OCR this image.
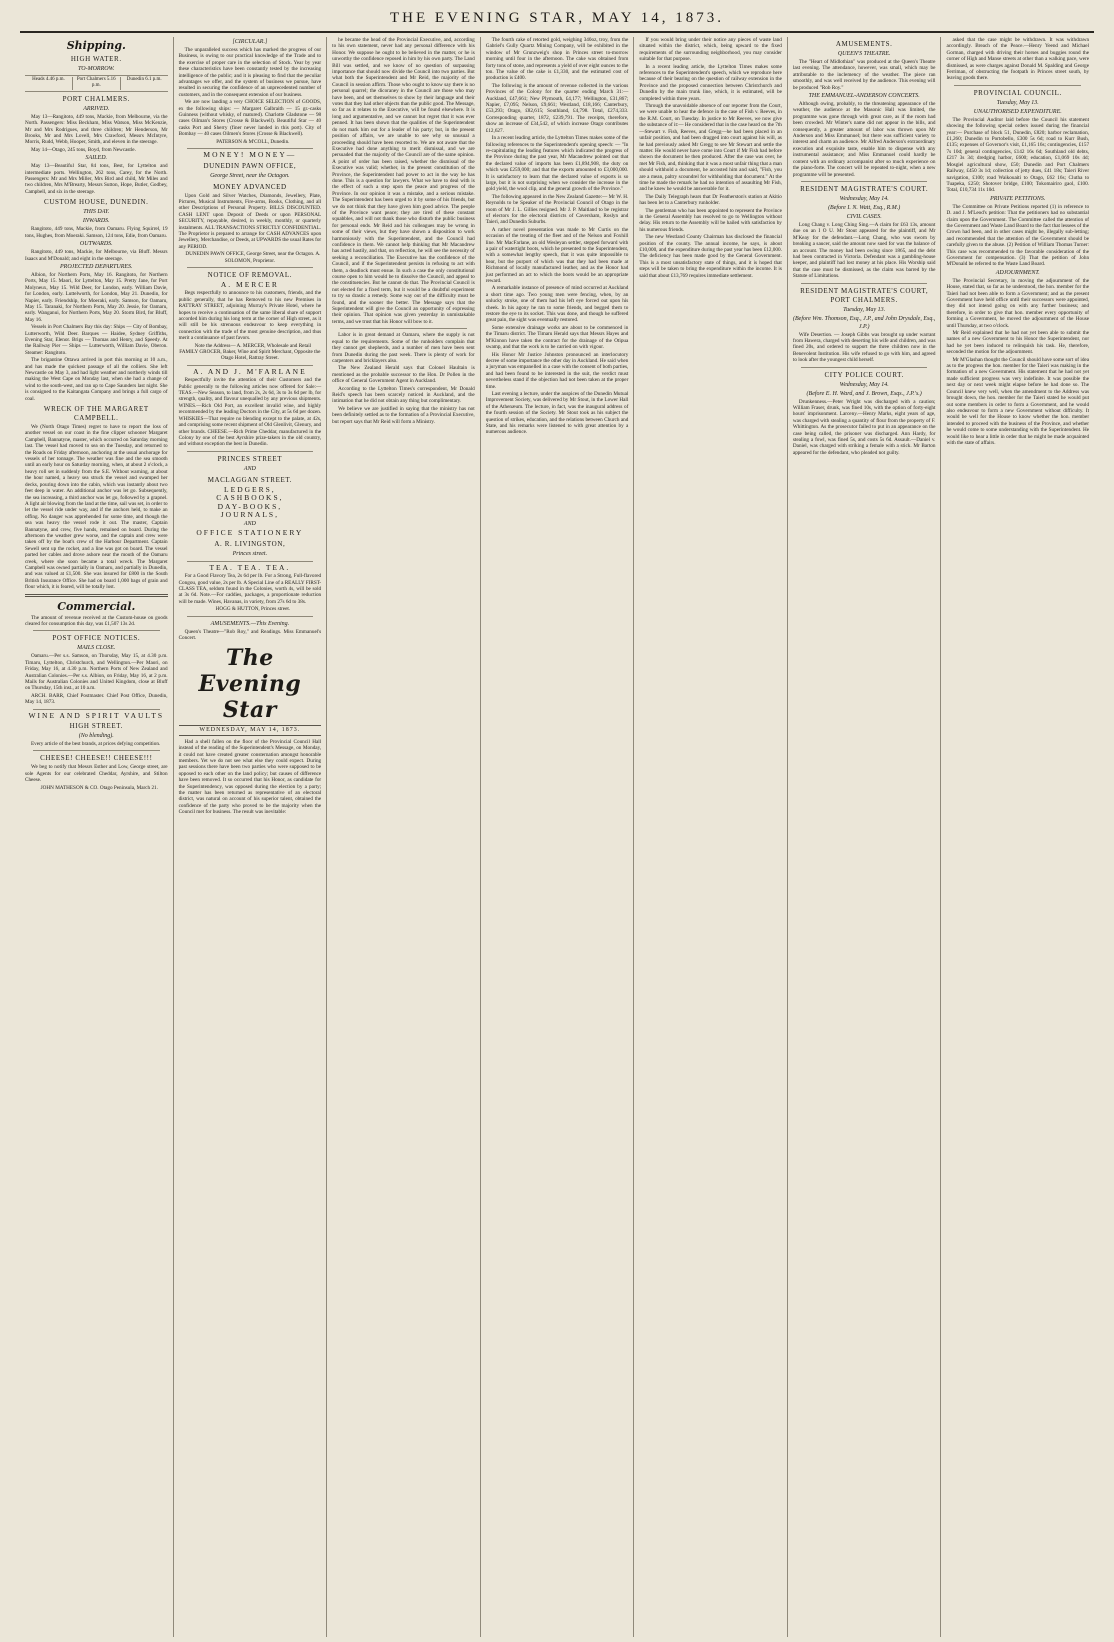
THE EVENING STAR, MAY 14, 1873.
Shipping.
HIGH WATER.
TO-MORROW.
Heads 4.46 p.m.	Port Chalmers 5.16 p.m.
Dunedin 6.1 p.m.
PORT CHALMERS.
ARRIVED.

May 13—Rangitoto, 449 tons, Mackie, from Melbourne, via the North. Passengers: Miss Beckham, Miss Watson, Miss McKenzie, Mr and Mrs Rodrigues, and three children; Mr Henderson, Mr Brooks, Mr and Mrs Lovell, Mrs Crawford, Messrs McIntyre, Morris, Rudd, Webb, Hooper, Smith, and eleven in the steerage.

May 14—Otago, 245 tons, Boyd, from Newcastle.

SAILED.

May 13—Beautiful Star, 84 tons, Best, for Lyttelton and intermediate ports. Wellington, 262 tons, Carey, for the North. Passengers: Mr and Mrs Miller, Mrs Bird and child, Mr Miles and two children, Mrs M'Brearty, Messrs Sutton, Hope, Butler, Godbey, Campbell, and six in the steerage.

CUSTOM HOUSE, DUNEDIN.
THIS DAY.
INWARDS.

Rangitoto, 449 tons, Mackie, from Oamaru. Flying Squirrel, 19 tons, Hughes, from Moeraki. Samson, 124 tons, Edie, from Oamaru.

OUTWARDS.

Rangitoto, 449 tons, Mackie, for Melbourne, via Bluff. Messrs Isaacs and M'Donald; and eight in the steerage.

PROJECTED DEPARTURES.

Albion, for Northern Ports, May 16. Rangitoto, for Northern Ports, May 15. Maori, for Lyttelton, May 15. Pretty Jane, for Port Molyneux, May 15. Wild Deer, for London, early. William Davie, for London, early. Luttelworth, for London, May 21. Dunedin, for Napier, early. Friendship, for Moeraki, early. Samson, for Oamaru, May 15. Taranaki, for Northern Ports, May 20. Jessie, for Oamaru, early. Wanganui, for Northern Ports, May 20. Storm Bird, for Bluff, May 16.

Vessels in Port Chalmers Bay this day: Ships — City of Bombay, Lutterworth, Wild Deer. Barques — Haidee, Sydney Griffiths, Evening Star, Elenor. Brigs — Thomas and Henry, and Speedy. At the Railway Pier — Ships — Lutterworth, William Davie, Oberon. Steamer: Rangitoto.

The brigantine Ottawa arrived in port this morning at 10 a.m., and has made the quickest passage of all the colliers. She left Newcastle on May 3, and had light weather and northerly winds till making the West Cape on Monday last, when she had a change of wind to the south-west, and ran up to Cape Saunders last night. She is consigned to the Kaitangata Company and brings a full cargo of coal.

WRECK OF THE MARGARET CAMPBELL.

We (North Otago Times) regret to have to report the loss of another vessel on our coast in the fine clipper schooner Margaret Campbell, Bannatyne, master, which occurred on Saturday morning last. The vessel had moved to sea on the Tuesday, and returned to the Roads on Friday afternoon, anchoring at the usual anchorage for vessels of her tonnage. The weather was fine and the sea smooth until an early hour on Saturday morning, when, at about 2 o'clock, a heavy roll set in suddenly from the S.E. Without warning, at about the hour named, a heavy sea struck the vessel and swamped her decks, pouring down into the cabin, which was instantly about two feet deep in water. An additional anchor was let go. Subsequently, the sea increasing, a third anchor was let go, followed by a grapnel. A light air blowing from the land at the time, sail was set, in order to let the vessel ride under way, and if the anchors held, to make an offing. No danger was apprehended for some time, and though the sea was heavy the vessel rode it out. The master, Captain Bannatyne, and crew, five hands, remained on board. During the afternoon the weather grew worse, and the captain and crew were taken off by the boat's crew of the Harbour Department. Captain Sewell sent up the rocket, and a line was got on board. The vessel parted her cables and drove ashore near the mouth of the Oamaru creek, where she soon became a total wreck. The Margaret Campbell was owned partially in Oamaru, and partially in Dunedin, and was valued at £1,500. She was insured for £800 in the South British Insurance Office. She had on board 1,000 bags of grain and flour which, it is feared, will be totally lost.

Commercial.

The amount of revenue received at the Custom-house on goods cleared for consumption this day, was £1,507 13s 2d.

POST OFFICE NOTICES.
MAILS CLOSE.

Oamaru.—Per s.s. Samson, on Thursday, May 15, at 4.30 p.m. Timaru, Lyttelton, Christchurch, and Wellington.—Per Maori, on Friday, May 16, at 4.30 p.m. Northern Ports of New Zealand and Australian Colonies.—Per s.s. Albion, on Friday, May 16, at 2 p.m. Mails for Australian Colonies and United Kingdom, close at Bluff on Thursday, 15th inst., at 10 a.m.

ARCH. BARR, Chief Postmaster. Chief Post Office, Dunedin, May 14, 1873.

WINE AND SPIRIT VAULTS
HIGH STREET.
(No blending).

Every article of the best brands, at prices defying competition.

CHEESE! CHEESE!! CHEESE!!!

We beg to notify that Messrs Esther and Low, George street, are sole Agents for our celebrated Cheddar, Ayrshire, and Stilton Cheese.

JOHN MATHESON & CO. Otago Peninsula, March 21.

[CIRCULAR.]

The unparalleled success which has marked the progress of our Business, is owing to our practical knowledge of the Trade and to the exercise of proper care in the selection of Stock. Year by year these characteristics have been constantly tested by the increasing intelligence of the public; and it is pleasing to find that the peculiar advantages we offer, and the system of business we pursue, have resulted in securing the confidence of an unprecedented number of customers, and in the consequent extension of our business.

We are now landing a very CHOICE SELECTION of GOODS, ex the following ships: — Margaret Galbraith — 15 gr.-casks Guinness (without whisky, of matured). Charlotte Gladstone — 98 cases Oilman's Stores (Crosse & Blackwell). Beautiful Star — 40 casks Port and Sherry (finer never landed in this port). City of Bombay — 40 cases Oilmen's Stores (Crosse & Blackwell).

PATERSON & M'COLL, Dunedin.

MONEY! MONEY—
DUNEDIN PAWN OFFICE,
George Street, near the Octagon.
MONEY ADVANCED

Upon Gold and Silver Watches, Diamonds, Jewellery, Plate, Pictures, Musical Instruments, Fire-arms, Books, Clothing, and all other Descriptions of Personal Property. BILLS DISCOUNTED. CASH LENT upon Deposit of Deeds or upon PERSONAL SECURITY, repayable, desired, in weekly, monthly, or quarterly instalments. ALL TRANSACTIONS STRICTLY CONFIDENTIAL. The Proprietor is prepared to arrange for CASH ADVANCES upon Jewellery, Merchandise, or Deeds, at UPWARDS the usual Rates for any PERIOD.

DUNEDIN PAWN OFFICE, George Street, near the Octagon. A. SOLOMON, Proprietor.

NOTICE OF REMOVAL.
A. MERCER

Begs respectfully to announce to his customers, friends, and the public generally, that he has Removed to his new Premises in RATTRAY STREET, adjoining Murray's Private Hotel, where he hopes to receive a continuation of the same liberal share of support accorded him during his long term at the corner of High street, as it will still be his strenuous endeavour to keep everything in connection with the trade of the most genuine description, and thus merit a continuance of past favors.

Note the Address— A. MERCER, Wholesale and Retail FAMILY GROCER, Baker, Wine and Spirit Merchant, Opposite the Otago Hotel, Rattray Street.

A. AND J. M'FARLANE

Respectfully invite the attention of their Customers and the Public generally to the following articles now offered for Sale:— TEAS.—New Season, to land, from 2s, 2s 6d, 3s to 3s 6d per lb, for strength, quality, and flavour unequalled by any previous shipments. WINES.—Rich Old Port, an excellent invalid wine, and highly recommended by the leading Doctors in the City, at 5s 6d per dozen. WHISKIES—That require no blending except to the palate, at 42s, and comprising some recent shipment of Old Glenlivit, Glenury, and other brands. CHEESE.—Rich Prime Cheddar, manufactured in the Colony by one of the best Ayrshire prize-takers in the old country, and without exception the best in Dunedin.

PRINCES STREET
AND
MACLAGGAN STREET.
LEDGERS,
CASHBOOKS,
DAY-BOOKS,
JOURNALS,
AND
OFFICE STATIONERY
A. R. LIVINGSTON,
Princes street.
TEA. TEA. TEA.

For a Good Flavory Tea, 2s 6d per lb. For a Strong, Full-flavored Congou, good value, 2s per lb. A Special Line of a REALLY FIRST-CLASS TEA, seldom found in the Colonies, worth 4s, will be sold at 3s 6d. Note.—For caddies, packages, a proportionate reduction will be made. Wines, Havanas, in variety, from 27s 6d to 38s.

HOGG & HUTTON, Princes street.

AMUSEMENTS.—This Evening.

Queen's Theatre—"Rob Roy," and Readings. Miss Emmanuel's Concert.

The Evening Star
WEDNESDAY, MAY 14, 1873.

Had a shell fallen on the floor of the Provincial Council Hall instead of the reading of the Superintendent's Message, on Monday, it could not have created greater consternation amongst honorable members. Yet we do not see what else they could expect. During past sessions there have been two parties who were supposed to be opposed to each other on the land policy; but causes of difference have been removed. It so occurred that his Honor, as candidate for the Superintendency, was opposed during the election by a party; the matter has been returned as representative of an electoral district, was natural on account of his superior talent, obtained the confidence of the party who proved to be the majority when the Council met for business. The result was inevitable:

he became the head of the Provincial Executive, and, according to his own statement, never had any personal difference with his Honor. We suppose he ought to be believed in the matter, or he is unworthy the confidence reposed in him by his own party. The Land Bill was settled, and we know of no question of surpassing importance that should now divide the Council into two parties. But what both the Superintendent and Mr Reid, the majority of the Council in session affirm. Those who ought to know say there is no personal quarrel; the dicoraney in the Council are those who may have been, and set themselves to show by their language and their votes that they had other objects than the public good. The Message, so far as it relates to the Executive, will be found elsewhere. It is long and argumentative, and we cannot but regret that it was ever penned. It has been shown that the qualities of the Superintendent do not mark him out for a leader of his party; but, in the present position of affairs, we are unable to see why so unusual a proceeding should have been resorted to. We are not aware that the Executive had done anything to merit dismissal, and we are persuaded that the majority of the Council are of the same opinion. A point of order has been raised, whether the dismissal of the Executive was valid; whether, in the present constitution of the Province, the Superintendent had power to act in the way he has done. This is a question for lawyers. What we have to deal with is the effect of such a step upon the peace and progress of the Province. In our opinion it was a mistake, and a serious mistake. The Superintendent has been urged to it by some of his friends, but we do not think that they have given him good advice. The people of the Province want peace; they are tired of these constant squabbles, and will not thank those who disturb the public business for personal ends. Mr Reid and his colleagues may be wrong in some of their views, but they have shown a disposition to work harmoniously with the Superintendent, and the Council had confidence in them. We cannot help thinking that Mr Macandrew has acted hastily, and that, on reflection, he will see the necessity of seeking a reconciliation. The Executive has the confidence of the Council, and if the Superintendent persists in refusing to act with them, a deadlock must ensue. In such a case the only constitutional course open to him would be to dissolve the Council, and appeal to the constituencies. But he cannot do that. The Provincial Council is not elected for a fixed term, but it would be a doubtful experiment to try so drastic a remedy. Some way out of the difficulty must be found, and the sooner the better. The Message says that the Superintendent will give the Council an opportunity of expressing their opinion. That opinion was given yesterday in unmistakable terms, and we trust that his Honor will bow to it.

Labor is in great demand at Oamaru, where the supply is not equal to the requirements. Some of the runholders complain that they cannot get shepherds, and a number of men have been sent from Dunedin during the past week. There is plenty of work for carpenters and bricklayers also.

The New Zealand Herald says that Colonel Haultain is mentioned as the probable successor to the Hon. Dr Pollen in the office of General Government Agent in Auckland.

According to the Lyttelton Times's correspondent, Mr Donald Reid's speech has been scarcely noticed in Auckland, and the intimation that he did not obtain any thing but complimentary.

We believe we are justified in saying that the ministry has not been definitely settled as to the formation of a Provincial Executive, but report says that Mr Reid will form a Ministry.

The fourth cake of retorted gold, weighing 340oz, troy, from the Gabriel's Gully Quartz Mining Company, will be exhibited in the window of Mr Grunzweig's shop in Princes street to-morrow morning until four in the afternoon. The cake was obtained from forty tons of stone, and represents a yield of over eight ounces to the ton. The value of the cake is £1,330, and the estimated cost of production is £400.

The following is the amount of revenue collected in the various Provinces of the Colony for the quarter ending March 31:— Auckland, £47,661; New Plymouth, £4,177; Wellington, £31,867; Napier, £7,095; Nelson, £9,661; Westland, £18,166; Canterbury, £53,293; Otago, £82,615; Southland, £4,798. Total, £274,333. Corresponding quarter, 1872, £239,791. The receipts, therefore, show an increase of £34,542, of which increase Otago contributes £12,627.

In a recent leading article, the Lyttelton Times makes some of the following references to the Superintendent's opening speech: — "In re-capitulating the leading features which indicated the progress of the Province during the past year, Mr Macandrew pointed out that the declared value of imports has been £1,894,908, the duty on which was £259,000; and that the exports amounted to £3,000,000. It is satisfactory to learn that the declared value of exports is so large, but it is not surprising when we consider the increase in the gold yield, the wool clip, and the general growth of the Province."

The following appeared in the New Zealand Gazette:— Mr W. H. Reynolds to be Speaker of the Provincial Council of Otago in the room of Mr J. L. Gillies resigned. Mr J. P. Maitland to be registrar of electors for the electoral districts of Caversham, Roslyn and Taieri, and Dunedin Suburbs.

A rather novel presentation was made to Mr Curtis on the occasion of the treating of the fleet and of the Nelson and Foxhill line. Mr MacFarlane, an old Wesleyan settler, stepped forward with a pair of watertight boots, which he presented to the Superintendent, with a somewhat lengthy speech, that it was quite impossible to hear, but the purport of which was that they had been made at Richmond of locally manufactured leather, and as the Honor had just performed an act to which the boots would be an appropriate reward.

A remarkable instance of presence of mind occurred at Auckland a short time ago. Two young men were fencing, when, by an unlucky stroke, one of them had his left eye forced out upon his cheek. In his agony he ran to some friends, and begged them to restore the eye to its socket. This was done, and though he suffered great pain, the sight was eventually restored.

Some extensive drainage works are about to be commenced in the Timaru district. The Timaru Herald says that Messrs Hayes and M'Kinnon have taken the contract for the drainage of the Otipua swamp, and that the work is to be carried on with vigour.

His Honor Mr Justice Johnston pronounced an interlocutory decree of some importance the other day in Auckland. He said when a juryman was empanelled in a case with the consent of both parties, and had been found to be interested in the suit, the verdict must nevertheless stand if the objection had not been taken at the proper time.

Last evening a lecture, under the auspices of the Dunedin Mutual Improvement Society, was delivered by Mr Stout, in the Lower Hall of the Athenæum. The lecture, in fact, was the inaugural address of the fourth session of the Society. Mr Stout took as his subject the question of strikes, education, and the relations between Church and State, and his remarks were listened to with great attention by a numerous audience.

If you would bring under their notice any pieces of waste land situated within the district, which, being upward to the fixed requirements of the surrounding neighborhood, you may consider suitable for that purpose.

In a recent leading article, the Lyttelton Times makes some references to the Superintendent's speech, which we reproduce here because of their bearing on the question of railway extension in the Province and the proposed connection between Christchurch and Dunedin by the main trunk line, which, it is estimated, will be completed within three years.

Through the unavoidable absence of our reporter from the Court, we were unable to hear the defence in the case of Fish v. Reeves, in the R.M. Court, on Tuesday. In justice to Mr Reeves, we now give the substance of it:— He considered that in the case heard on the 7th—Stewart v. Fish, Reeves, and Gregg—he had been placed in an unfair position, and had been dragged into court against his will, as he had previously asked Mr Gregg to see Mr Stewart and settle the matter. He would never have come into Court if Mr Fish had before shown the document he then produced. After the case was over, he met Mr Fish, and, thinking that it was a most unfair thing that a man should withhold a document, he accosted him and said, "Fish, you are a mean, paltry scoundrel for withholding that document." At the time he made the remark he had no intention of assaulting Mr Fish, and he knew he would be answerable for it.

The Daily Telegraph hears that Dr Featherston's station at Akitio has been let to a Canterbury runholder.

The gentleman who has been appointed to represent the Province in the General Assembly has resolved to go to Wellington without delay. His return to the Assembly will be hailed with satisfaction by his numerous friends.

The new Westland County Chairman has disclosed the financial position of the county. The annual income, he says, is about £10,000, and the expenditure during the past year has been £12,000. The deficiency has been made good by the General Government. This is a most unsatisfactory state of things, and it is hoped that steps will be taken to bring the expenditure within the income. It is said that about £13,769 requires immediate settlement.

AMUSEMENTS.
QUEEN'S THEATRE.

The "Heart of Midlothian" was produced at the Queen's Theatre last evening. The attendance, however, was small, which may be attributable to the inclemency of the weather. The piece ran smoothly, and was well received by the audience. This evening will be produced "Rob Roy."

THE EMMANUEL-ANDERSON CONCERTS.

Although owing, probably, to the threatening appearance of the weather, the audience at the Masonic Hall was limited, the programme was gone through with great care, as if the room had been crowded. Mr Winter's name did not appear in the bills, and consequently, a greater amount of labor was thrown upon Mr Anderson and Miss Emmanuel; but there was sufficient variety to interest and charm an audience. Mr Alfred Anderson's extraordinary execution and exquisite taste, enable him to dispense with any instrumental assistance; and Miss Emmanuel could hardly be content with an ordinary accompanist after so much experience on the piano-forte. The concert will be repeated to-night, when a new programme will be presented.

RESIDENT MAGISTRATE'S COURT.
Wednesday, May 14.
(Before I. N. Watt, Esq., R.M.)
CIVIL CASES.

Long Chang v. Long Ching Sing.—A claim for £63 13s, amount due on an I O U. Mr Stout appeared for the plaintiff, and Mr M'Keay for the defendant.—Long Chang, who was sworn by breaking a saucer, said the amount now sued for was the balance of an account. The money had been owing since 1865, and the debt had been contracted in Victoria. Defendant was a gambling-house keeper, and plaintiff had lost money at his place. His Worship said that the case must be dismissed, as the claim was barred by the Statute of Limitations.

RESIDENT MAGISTRATE'S COURT, PORT CHALMERS.
Tuesday, May 13.
(Before Wm. Thomson, Esq., J.P., and John Drysdale, Esq., J.P.)

Wife Desertion. — Joseph Gibbs was brought up under warrant from Hawera, charged with deserting his wife and children, and was fined 20s, and ordered to support the three children now in the Benevolent Institution. His wife refused to go with him, and agreed to look after the youngest child herself.

CITY POLICE COURT.
Wednesday, May 14.
(Before E. H. Ward, and J. Brown, Esqs., J.P.'s.)

Drunkenness.—Peter Wright was discharged with a caution; William Fraser, drunk, was fined 10s, with the option of forty-eight hours' imprisonment. Larceny.—Henry Marks, eight years of age, was charged with stealing a quantity of flour from the property of F. Whittington. As the prosecutor failed to put in an appearance on the case being called, the prisoner was discharged. Ann Hardy, for stealing a fowl, was fined 5s, and costs 5s 6d. Assault.—Daniel v. Daniel, was charged with striking a female with a stick. Mr Barton appeared for the defendant, who pleaded not guilty.

asked that the case might be withdrawn. It was withdrawn accordingly. Breach of the Peace.—Henry Yeend and Michael Gorman, charged with driving their horses and buggies round the corner of High and Manse streets at other than a walking pace, were dismissed, as were charges against Donald M. Spalding and George Ferriman, of obstructing the footpath in Princes street south, by leaving goods there.

PROVINCIAL COUNCIL.
Tuesday, May 13.
UNAUTHORISED EXPENDITURE.

The Provincial Auditor laid before the Council his statement showing the following special orders issued during the financial year:— Purchase of block 51, Dunedin, £820; harbor reclamation, £1,260; Dunedin to Portobello, £300 5s 6d; road to Kurr Bush, £135; expenses of Governor's visit, £1,165 16s; contingencies, £157 7s 10d; general contingencies, £142 16s 6d; Southland old debts, £217 3s 3d; dredging harbor, £600; education, £1,069 10s 4d; Mosgiel agricultural show, £50; Dunedin and Port Chalmers Railway, £450 3s 1d; collection of jetty dues, £41 18s; Taieri River navigation, £100; road Waikouaiti to Otago, £62 16s; Clutha to Tuapeka, £250; Shotover bridge, £100; Tokomairiro gaol, £100. Total, £10,734 11s 10d.

PRIVATE PETITIONS.

The Committee on Private Petitions reported (1) in reference to D. and J. M'Leod's petition: That the petitioners had no substantial claim upon the Government. The Committee called the attention of the Government and Waste Land Board to the fact that lessees of the Crown had been, and in other cases might be, illegally sub-letting; and recommended that the attention of the Government should be carefully given to the abuse. (2) Petition of William Thomas Turner: This case was recommended to the favorable consideration of the Government for compensation. (3) That the petition of John M'Donald be referred to the Waste Land Board.

ADJOURNMENT.

The Provincial Secretary, in moving the adjournment of the House, stated that, so far as he understood, the hon. member for the Taieri had not been able to form a Government; and as the present Government have held office until their successors were appointed, they did not intend going on with any further business; and therefore, in order to give that hon. member every opportunity of forming a Government, he moved the adjournment of the House until Thursday, at two o'clock.

Mr Reid explained that he had not yet been able to submit the names of a new Government to his Honor the Superintendent, nor had he yet been induced to relinquish his task. He, therefore, seconded the motion for the adjournment.

Mr M'Glashan thought the Council should have some sort of idea as to the progress the hon. member for the Taieri was making in the formation of a new Government. His statement that he had not yet made sufficient progress was very indefinite. It was possible the next day or next week might elapse before he had done so. The Council knew very well, when the amendment to the Address was brought down, the hon. member for the Taieri stated he would put out some members in order to form a Government, and he would also endeavour to form a new Government without difficulty. It would be well for the House to know whether the hon. member intended to proceed with the business of the Province, and whether he would come to some understanding with the Superintendent. He would like to hear a little in order that he might be made acquainted with the state of affairs.
